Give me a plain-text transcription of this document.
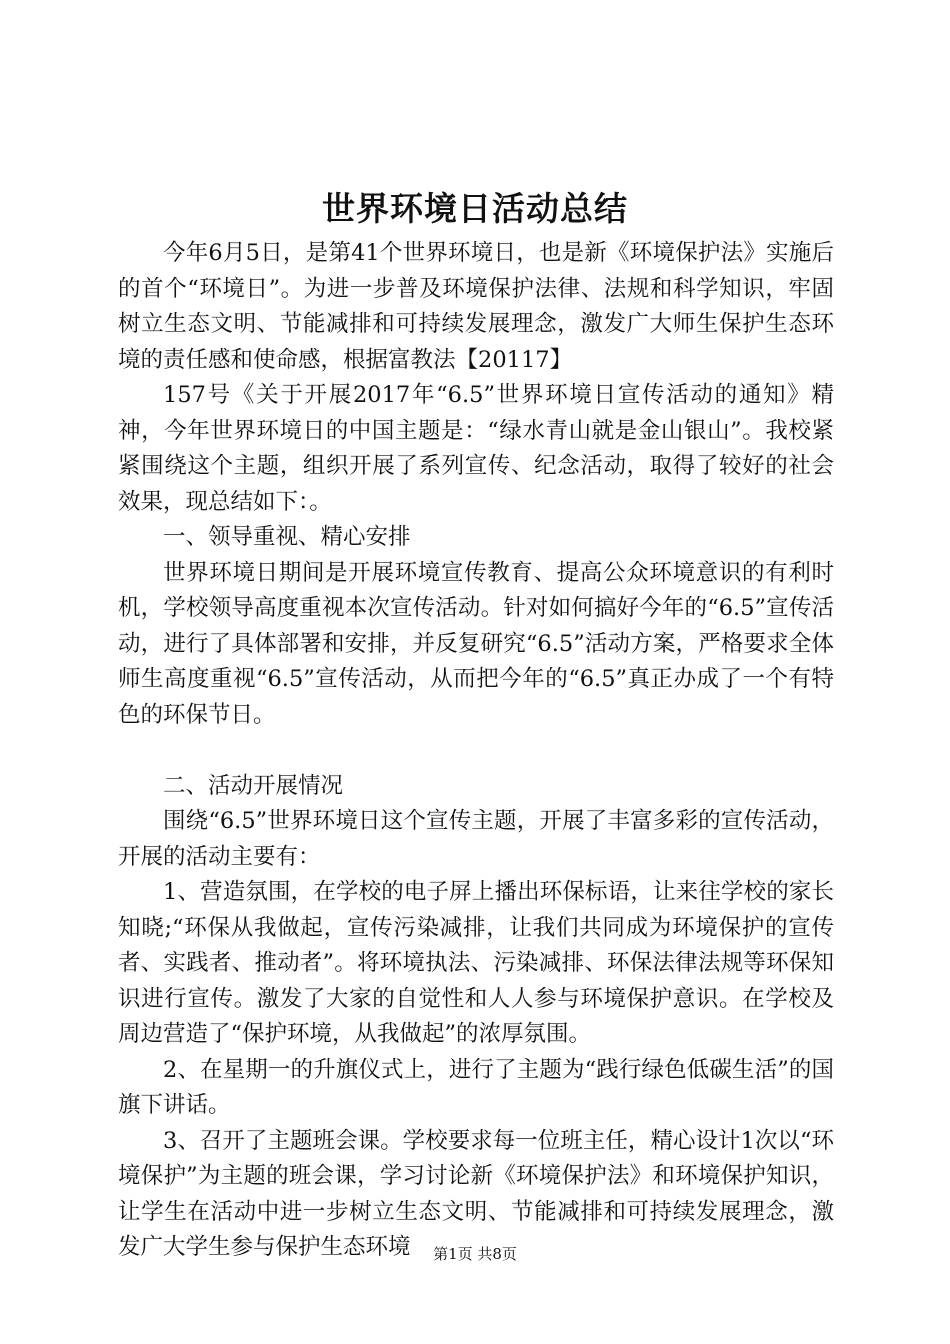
世界环境日活动总结

今年6月5日，是第41个世界环境日，也是新《环境保护法》实施后的首个“环境日”。为进一步普及环境保护法律、法规和科学知识，牢固树立生态文明、节能减排和可持续发展理念，激发广大师生保护生态环境的责任感和使命感，根据富教法【20117】

157号《关于开展2017年“6.5”世界环境日宣传活动的通知》精神，今年世界环境日的中国主题是：“绿水青山就是金山银山”。我校紧紧围绕这个主题，组织开展了系列宣传、纪念活动，取得了较好的社会效果，现总结如下：。

一、领导重视、精心安排

世界环境日期间是开展环境宣传教育、提高公众环境意识的有利时机，学校领导高度重视本次宣传活动。针对如何搞好今年的“6.5”宣传活动，进行了具体部署和安排，并反复研究“6.5”活动方案，严格要求全体师生高度重视“6.5”宣传活动，从而把今年的“6.5”真正办成了一个有特色的环保节日。

二、活动开展情况

围绕“6.5”世界环境日这个宣传主题，开展了丰富多彩的宣传活动，开展的活动主要有：

1、营造氛围，在学校的电子屏上播出环保标语，让来往学校的家长知晓;“环保从我做起，宣传污染减排，让我们共同成为环境保护的宣传者、实践者、推动者”。将环境执法、污染减排、环保法律法规等环保知识进行宣传。激发了大家的自觉性和人人参与环境保护意识。在学校及周边营造了“保护环境，从我做起”的浓厚氛围。

2、在星期一的升旗仪式上，进行了主题为“践行绿色低碳生活”的国旗下讲话。

3、召开了主题班会课。学校要求每一位班主任，精心设计1次以“环境保护”为主题的班会课，学习讨论新《环境保护法》和环境保护知识，让学生在活动中进一步树立生态文明、节能减排和可持续发展理念，激发广大学生参与保护生态环境	第1页 共8页
